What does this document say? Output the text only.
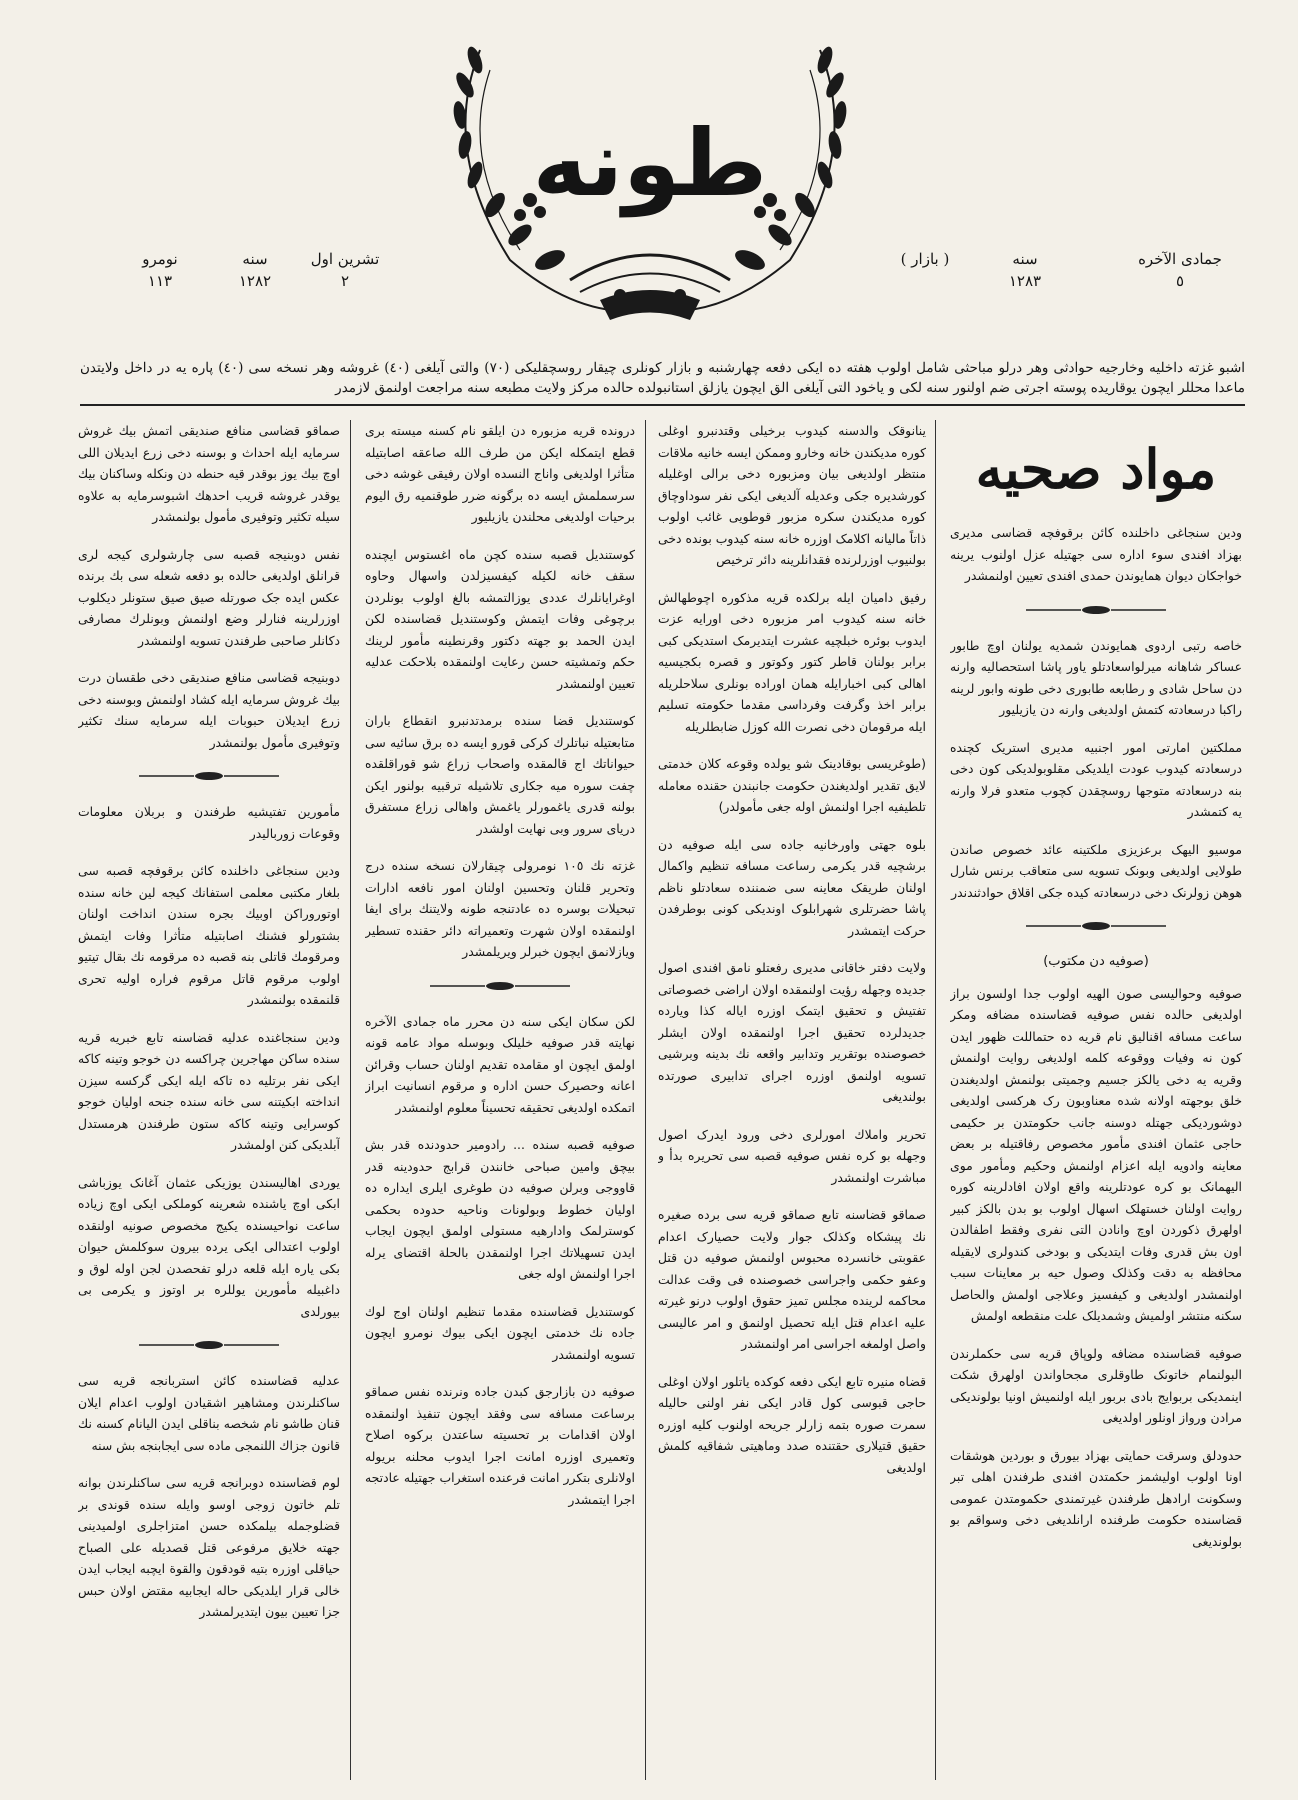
طونه
جمادی الآخره
٥
سنه
١٢٨٣
( بازار )
تشرین اول
٢
سنه
١٢٨٢
نومرو
١١٣
اشبو غزته داخلیه وخارجیه حوادثی وهر درلو مباحثی شامل اولوب هفته ده ایکی دفعه چهارشنبه و بازار کونلری چیقار روسچقلیکی (٧٠) والتی آیلغی (٤٠) غروشه وهر نسخه سی (٤٠) پاره یه در داخل ولایتدن ماعدا محللر ایچون یوقاریده پوسته اجرتی ضم اولنور سنه لکی و یاخود التی آیلغی الق ایچون یازلق استانبولده حالده مرکز ولایت مطبعه سنه مراجعت اولنمق لازمدر
مواد صحیه

ودین سنجاغی داخلنده کائن برقوفچه قضاسی مدیری بهزاد افندی سوء اداره سی جهتیله عزل اولنوب یرینه خواجکان دیوان همایوندن حمدی افندی تعیین اولنمشدر

خاصه رتبی اردوی همایوندن شمدیه یولنان اوچ طابور عساکر شاهانه میرلواسعادتلو یاور پاشا استحصالیه وارنه دن ساحل شادی و رطابعه طابوری دخی طونه وابور لرینه راکبا درسعادته کتمش اولدیغی وارنه دن یازیلیور

مملکتین امارتی امور اجنبیه مدیری استریک کچنده درسعادته کیدوب عودت ایلدیکی مقلوبولدیکی کون دخی بنه درسعادته متوجها روسچقدن کچوب متعدو فرلا وارنه یه کتمشدر

موسیو الیهک برعزیزی ملکتینه عائد خصوص صاندن طولایی اولدیغی وبونک تسویه سی متعاقب برنس شارل هوهن زولرنک دخی درسعادته کیده جکی اقلاق حوادثندندر

(صوفیه دن مکتوب)

صوفیه وحوالیسی صون الهیه اولوب جدا اولسون براز اولدیغی حالده نفس صوفیه قضاسنده مضافه ومکر ساعت مسافه اقنالیق نام قریه ده حتماللت ظهور ایدن کون نه وفیات ووقوعه کلمه اولدیغی روایت اولنمش وقریه یه دخی یالکز جسیم وجمیتی بولنمش اولدیغندن خلق بوجهته اولانه شده معناوبون رک هرکسی اولدیغی دوشوردیکی جهتله دوسنه جانب حکومتدن بر حکیمی حاجی عثمان افندی مأمور مخصوص رفاقتیله بر بعض معاینه وادویه ایله اعزام اولنمش وحکیم ومأمور موی الیهمانک بو کره عودتلرینه واقع اولان افادلرینه کوره روایت اولنان خستهلک اسهال اولوب بو بدن بالکز کبیر اولهرق ذکوردن اوچ وانادن التی نفری وفقط اطفالدن اون بش قدری وفات ایتدیکی و بودخی کندولری لایقیله محافظه به دقت وکذلک وصول حیه بر معاینات سبب اولنمشدر اولدیغی و کیفسیز وعلاجی اولمش والحاصل سکنه منتشر اولمیش وشمدیلک علت منقطعه اولمش

صوفیه قضاسنده مضافه ولوپاق قریه سی حکملرندن البولنمام خاتونک طاوقلری مجحاواندن اولهرق شکت اینمدیکی بربوایج بادی بربور ایله اولنمیش اونیا بولوندیکی مرادن ورواز اونلور اولدیغی

حدودلق وسرقت حمایتی بهزاد بیورق و بوردین هوشقات اونا اولوب اولیشمز حکمتدن افندی طرفندن اهلی تبر وسکونت ارادهل طرفندن غیرتمندی حکمومتدن عمومی قضاسنده حکومت طرفنده ارانلدیغی دخی وسواقم بو بولوندیغی

ینانوقک والدسنه کیدوب برخیلی وقتدنبرو اوغلی کوره مدیکندن خانه وخارو وممکن ایسه خانیه ملاقات منتظر اولدیغی بیان ومزبوره دخی برالی اوغلیله کورشدیره جکی وعدیله آلدیغی ایکی نفر سوداوچاق کوره مدیکندن سکره مزبور قوطویی غائب اولوب ذاتاً مالیانه اکلامک اوزره خانه سنه کیدوب بونده دخی بولنیوب اوزرلرنده فقدانلرینه دائر ترخیص

رفیق دامیان ایله برلکده قریه مذکوره اچوطهالش خانه سنه کیدوب امر مزبوره دخی اورایه عزت ایدوب بوئره خبلچیه عشرت ایتدیرمک استدیکی کبی برابر بولنان قاطر کتور وکوتور و قصره بکجیسیه اهالی کبی اخبارایله همان اوراده بونلری سلاحلریله برابر اخذ وگرفت وفرداسی مقدما حکومته تسلیم ایله مرقومان دخی نصرت الله کوزل ضابطلریله

(طوغریسی بوقادینک شو یولده وقوعه کلان خدمتی لایق تقدیر اولدیغندن حکومت جانبندن حقنده معامله تلطیفیه اجرا اولنمش اوله جغی مأمولدر)

بلوه جهتی واورخانیه جاده سی ایله صوفیه دن برشچیه قدر یکرمی رساعت مسافه تنظیم واکمال اولنان طریقک معاینه سی ضمننده سعادتلو ناظم پاشا حضرتلری شهرابلوک اوندیکی کونی بوطرفدن حرکت ایتمشدر

ولایت دفتر خاقانی مدیری رفعتلو نامق افندی اصول جدیده وجهله رؤیت اولنمقده اولان اراضی خصوصاتی تفتیش و تحقیق ایتمک اوزره ایاله کذا ویارده جدیدلرده تحقیق اجرا اولنمقده اولان ایشلر خصوصنده بوتقریر وتدابیر واقعه نك بدینه وبرشیی تسویه اولنمق اوزره اجرای تدابیری صورتده بولندیغی

تحریر واملاك امورلری دخی ورود ایدرک اصول وجهله بو کره نفس صوفیه قصبه سی تحریره بدأ و مباشرت اولنمشدر

صماقو قضاسنه تابع صماقو قریه سی برده صغیره نك پیشکاه وکذلک جوار ولایت حصیارک اعدام عقوبتی خانسرده محبوس اولنمش صوفیه دن قتل وعفو حکمی واجراسی خصوصنده فی وقت عدالت محاکمه لرینده مجلس تمیز حقوق اولوب درنو غیرته علیه اعدام قتل ایله تحصیل اولنمق و امر عالیسی واصل اولمغه اجراسی امر اولنمشدر

قضاه منیره تابع ایکی دفعه کوکده یاتلور اولان اوغلی حاجی قبوسی کول قادر ایکی نفر اولنی حالیله سمرت صوره بتمه زارلر جریحه اولنوب کلیه اوزره حقیق قتیلاری حقتنده صدد وماهیتی شفاقیه کلمش اولدیغی

درونده قریه مزبوره دن ایلقو نام کسنه میسته بری قطع ایتمکله ایکن من طرف الله صاعقه اصابتیله متأثرا اولدیغی واناج النسده اولان رفیقی غوشه دخی سرسملمش ایسه ده برگونه ضرر طوقنمیه رق اليوم برحیات اولدیغی محلندن یازیلیور

کوستندیل قصبه سنده کچن ماه اغستوس ایچنده سقف خانه لکیله کیفسیزلدن واسهال وحاوه اوغرایانلرك عددی یوزالتمشه بالغ اولوب بونلردن برچوغی وفات ایتمش وکوستندیل قضاسنده لکن ایدن الحمد بو جهته دکتور وقرنطینه مأمور لرینك حکم وتمشیته حسن رعایت اولنمقده بلاحکت عدلیه تعیین اولنمشدر

کوستندیل قضا سنده برمدتدنبرو انقطاع باران متابعتیله نباتلرك کرکی قورو ایسه ده برق سائیه سی حیواناتك اج قالمقده واصحاب زراع شو قوراقلقده چفت سوره میه جکاری تلاشیله ترقبیه بولنور ایکن بولنه قدری یاغمورلر یاغمش واهالی زراع مستفرق دریای سرور وبی نهایت اولشدر

غزته نك ١٠٥ نومرولی چیقارلان نسخه سنده درج وتحرير قلنان وتحسين اولنان امور نافعه ادارات تبحیلات بوسره ده عادتنجه طونه ولايتنك برای ایفا اولنمقده اولان شهرت وتعمیراته دائر حقنده تسطیر ويازلانمق ایچون خبرلر ويريلمشدر

لکن سکان ایکی سنه دن محرر ماه جمادی الآخره نهایته قدر صوفیه خلیلک وبوسله مواد عامه قونه اولمق ايچون او مقامده تقدیم اولنان حساب وقرائن اعانه وحصیرک حسن اداره و مرقوم انسانيت ابراز اتمکده اولدیغی تحقیقه تحسیناً معلوم اولنمشدر

صوفیه قصبه سنده ... رادومیر حدودنده قدر بش بیچق وامین صباحی خانندن قرابج حدودینه قدر قاووجی وبرلن صوفیه دن طوغری ایلری ایداره ده اولیان خطوط وبولونات وناحیه حدوده بحکمی کوسترلمک وادارهیه مستولی اولمق ایچون ایجاب ایدن تسهیلاتك اجرا اولنمقدن بالحلة اقتضای یرله اجرا اولنمش اوله جغی

کوستندیل قضاسنده مقدما تنظیم اولنان اوج لوك جاده نك خدمتی ایچون ایکی بیوك نومرو ایچون تسویه اولنمشدر

صوفیه دن بازارجق کبدن جاده ونرنده نفس صماقو برساعت مسافه سی وفقد ایچون تنفیذ اولنمقده اولان اقدامات بر تحسيته ساعتدن برکوه اصلاح وتعمیری اوزره امانت اجرا ایدوب محلنه بریوله اولانلری بتکرر امانت فرعنده استغراب جهتیله عادتجه اجرا ایتمشدر

صماقو قضاسی منافع صندیقی اتمش بیك غروش سرمایه ایله احداث و بوسنه دخی زرع ایدیلان اللی اوچ بیك یوز بوقدر قیه حنطه دن ونکله وساکنان بیك یوقدر غروشه قریب احدهك اشبوسرمایه به علاوه سیله تکثیر وتوفیری مأمول بولنمشدر

نفس دوبنیجه قصبه سی چارشولری کیجه لری قرانلق اولدیغی حالده بو دفعه شعله سی بك برنده عکس ایده جک صورتله صیق صیق ستونلر دیکلوب اوزرلرینه فنارلر وضع اولنمش وبونلرك مصارفی دکانلر صاحبی طرفندن تسویه اولنمشدر

دوبنیجه قضاسی منافع صندیقی دخی طقسان درت بیك غروش سرمایه ایله کشاد اولنمش وبوسنه دخی زرع ایدیلان حبوبات ایله سرمایه سنك تکثیر وتوفیری مأمول بولنمشدر

مأمورین تفتیشیه طرفندن و بربلان معلومات وقوعات زوربالیدر

ودین سنجاغی داخلنده کائن برقوفچه قصبه سی بلغار مکتبی معلمی استفانك کیجه لین خانه سنده اوتوروراکن اوبیك بجره سندن انداخت اولنان بشتورلو فشنك اصابتیله متأثرا وفات ایتمش ومرقومك قاتلی بنه قصبه ده مرقومه نك بقال تیتیو اولوب مرقوم قاتل مرقوم فراره اولیه تحری قلنمقده بولنمشدر

ودین سنجاغنده عدلیه قضاسنه تابع خبریه قریه سنده ساکن مهاجرین چراکسه دن خوجو وتینه کاکه ایکی نفر برتلیه ده تاکه ایله ایکی گرکسه سیزن انداخته ابکیتنه سی خانه سنده جنحه اولیان خوجو کوسرایی وتینه کاکه ستون طرفندن هرمستدل آبلدیکی کنن اولمشدر

یوردی اهالیسندن یوزیکی عثمان آغانک یوزباشی ابکی اوچ یاشنده شعرینه کوملکی ایکی اوچ زیاده ساعت نواحیسنده یکیج مخصوص صونیه اولنقده اولوب اعتدالی ایکی یرده بیرون سوکلمش حیوان بکی یاره ایله قلعه درلو تفحصدن لجن اوله لوق و داغبیله مأمورین یوللره بر اوتوز و یکرمی بی بیورلدی

عدلیه قضاسنده کائن استربانجه قریه سی ساکنلرندن ومشاهیر اشقیادن اولوب اعدام ایلان قنان طاشو نام شخصه بناقلی ایدن الیانام کسنه نك قانون جزاك اللنمجی ماده سی ایجابنجه بش سنه

لوم قضاسنده دوبرانجه قریه سی ساکنلرندن بوانه تلم خاتون زوجی اوسو وایله سنده قوندی بر قضلوجمله بیلمکده حسن امتزاجلری اولمیدینی جهته خلایق مرفوعی قتل قصدیله علی الصباح حیاقلی اوزره بتیه قودقون والقوة ایچبه ایجاب ایدن خالی قرار ایلدیکی حاله ایجابیه مقتض اولان حبس جزا تعیین بیون ایتدیرلمشدر
